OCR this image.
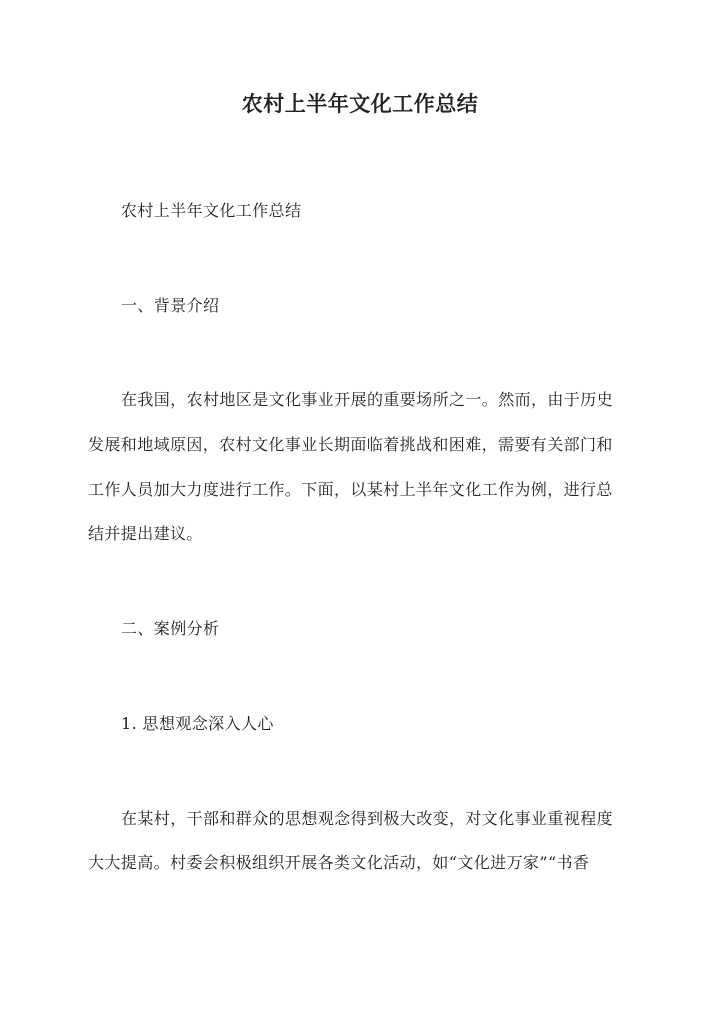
农村上半年文化工作总结
农村上半年文化工作总结
一、背景介绍
在我国，农村地区是文化事业开展的重要场所之一。然而，由于历史
发展和地域原因，农村文化事业长期面临着挑战和困难，需要有关部门和
工作人员加大力度进行工作。下面，以某村上半年文化工作为例，进行总
结并提出建议。
二、案例分析
1. 思想观念深入人心
在某村，干部和群众的思想观念得到极大改变，对文化事业重视程度
大大提高。村委会积极组织开展各类文化活动，如“文化进万家”“书香
